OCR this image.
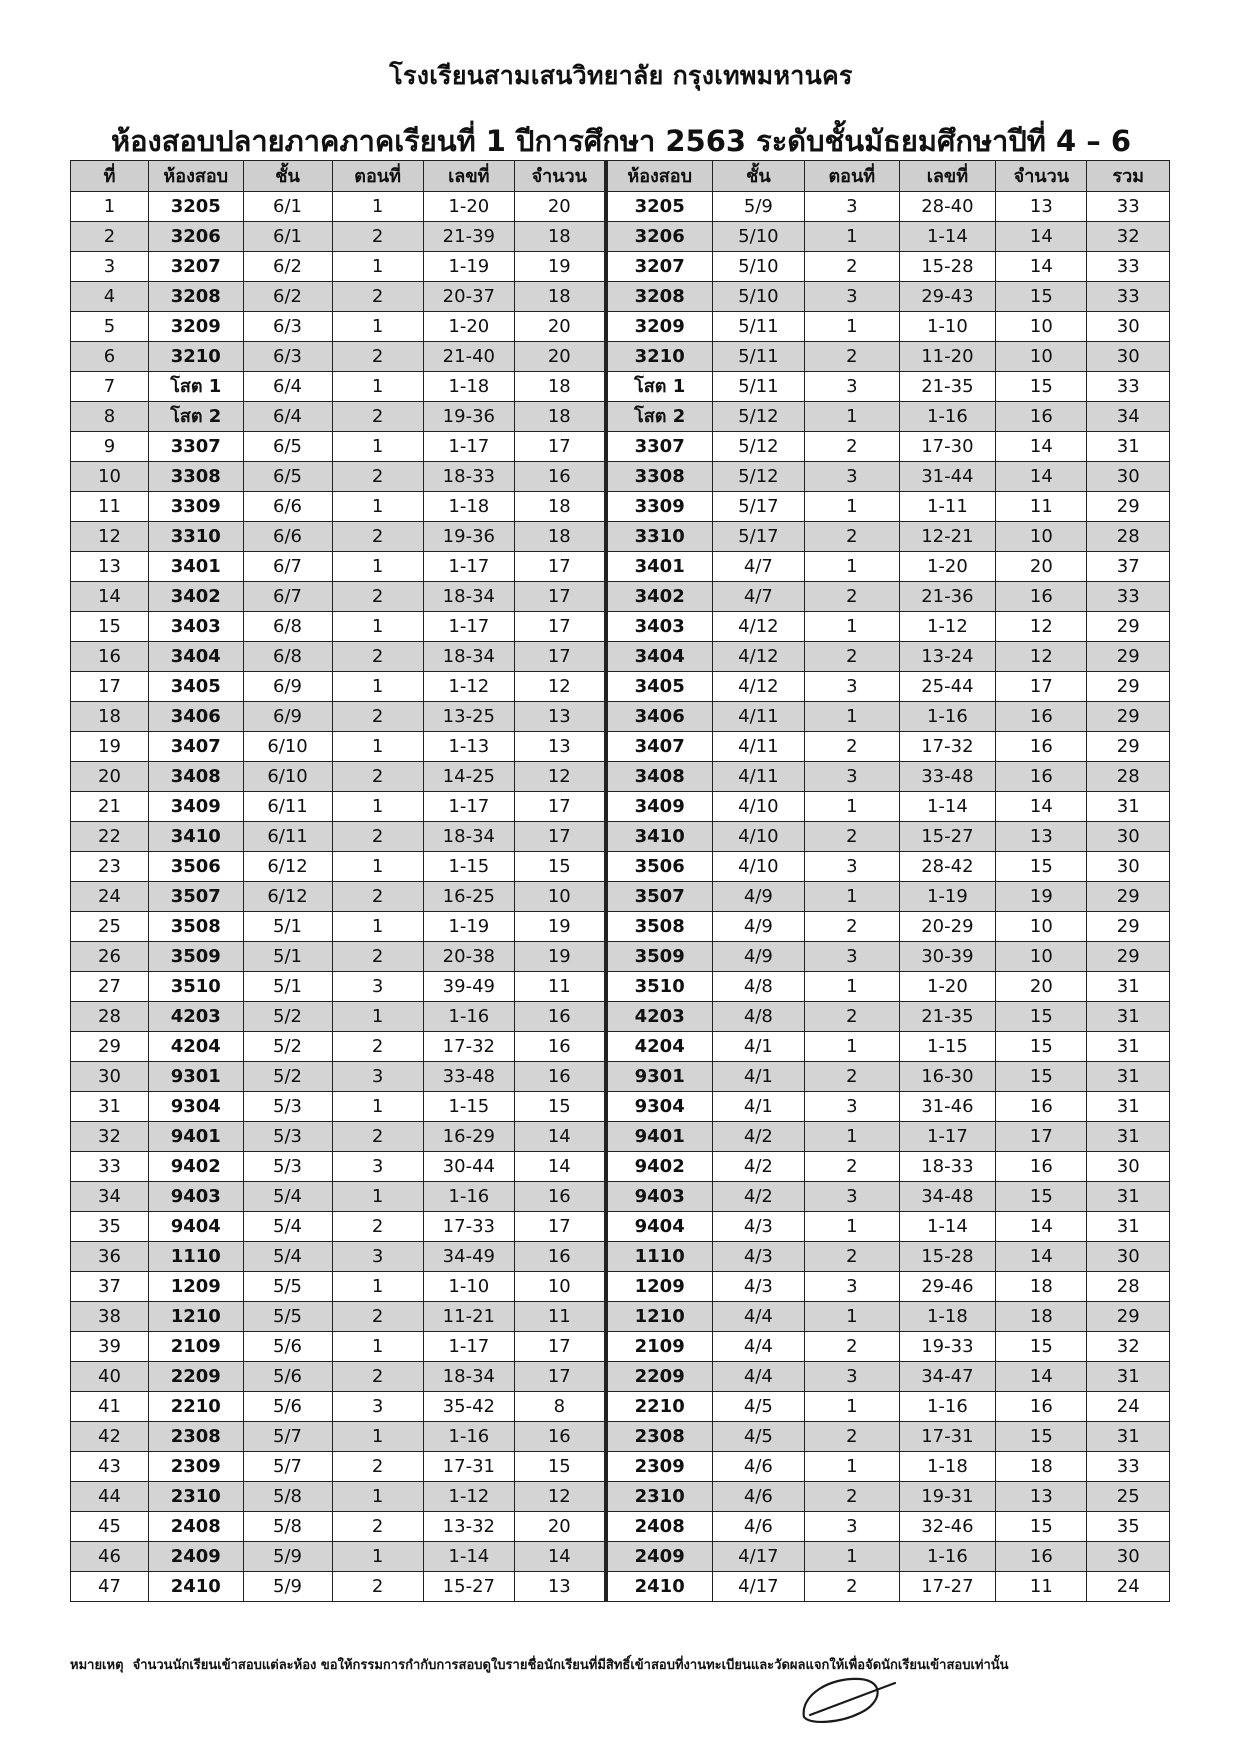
โรงเรียนสามเสนวิทยาลัย กรุงเทพมหานคร
ห้องสอบปลายภาคภาคเรียนที่ 1 ปีการศึกษา 2563 ระดับชั้นมัธยมศึกษาปีที่ 4 – 6
ที่	ห้องสอบ	ชั้น	ตอนที่	เลขที่	จำนวน	ห้องสอบ	ชั้น	ตอนที่	เลขที่	จำนวน	รวม
1	3205	6/1	1	1-20	20	3205	5/9	3	28-40	13	33
2	3206	6/1	2	21-39	18	3206	5/10	1	1-14	14	32
3	3207	6/2	1	1-19	19	3207	5/10	2	15-28	14	33
4	3208	6/2	2	20-37	18	3208	5/10	3	29-43	15	33
5	3209	6/3	1	1-20	20	3209	5/11	1	1-10	10	30
6	3210	6/3	2	21-40	20	3210	5/11	2	11-20	10	30
7	โสต 1	6/4	1	1-18	18	โสต 1	5/11	3	21-35	15	33
8	โสต 2	6/4	2	19-36	18	โสต 2	5/12	1	1-16	16	34
9	3307	6/5	1	1-17	17	3307	5/12	2	17-30	14	31
10	3308	6/5	2	18-33	16	3308	5/12	3	31-44	14	30
11	3309	6/6	1	1-18	18	3309	5/17	1	1-11	11	29
12	3310	6/6	2	19-36	18	3310	5/17	2	12-21	10	28
13	3401	6/7	1	1-17	17	3401	4/7	1	1-20	20	37
14	3402	6/7	2	18-34	17	3402	4/7	2	21-36	16	33
15	3403	6/8	1	1-17	17	3403	4/12	1	1-12	12	29
16	3404	6/8	2	18-34	17	3404	4/12	2	13-24	12	29
17	3405	6/9	1	1-12	12	3405	4/12	3	25-44	17	29
18	3406	6/9	2	13-25	13	3406	4/11	1	1-16	16	29
19	3407	6/10	1	1-13	13	3407	4/11	2	17-32	16	29
20	3408	6/10	2	14-25	12	3408	4/11	3	33-48	16	28
21	3409	6/11	1	1-17	17	3409	4/10	1	1-14	14	31
22	3410	6/11	2	18-34	17	3410	4/10	2	15-27	13	30
23	3506	6/12	1	1-15	15	3506	4/10	3	28-42	15	30
24	3507	6/12	2	16-25	10	3507	4/9	1	1-19	19	29
25	3508	5/1	1	1-19	19	3508	4/9	2	20-29	10	29
26	3509	5/1	2	20-38	19	3509	4/9	3	30-39	10	29
27	3510	5/1	3	39-49	11	3510	4/8	1	1-20	20	31
28	4203	5/2	1	1-16	16	4203	4/8	2	21-35	15	31
29	4204	5/2	2	17-32	16	4204	4/1	1	1-15	15	31
30	9301	5/2	3	33-48	16	9301	4/1	2	16-30	15	31
31	9304	5/3	1	1-15	15	9304	4/1	3	31-46	16	31
32	9401	5/3	2	16-29	14	9401	4/2	1	1-17	17	31
33	9402	5/3	3	30-44	14	9402	4/2	2	18-33	16	30
34	9403	5/4	1	1-16	16	9403	4/2	3	34-48	15	31
35	9404	5/4	2	17-33	17	9404	4/3	1	1-14	14	31
36	1110	5/4	3	34-49	16	1110	4/3	2	15-28	14	30
37	1209	5/5	1	1-10	10	1209	4/3	3	29-46	18	28
38	1210	5/5	2	11-21	11	1210	4/4	1	1-18	18	29
39	2109	5/6	1	1-17	17	2109	4/4	2	19-33	15	32
40	2209	5/6	2	18-34	17	2209	4/4	3	34-47	14	31
41	2210	5/6	3	35-42	8	2210	4/5	1	1-16	16	24
42	2308	5/7	1	1-16	16	2308	4/5	2	17-31	15	31
43	2309	5/7	2	17-31	15	2309	4/6	1	1-18	18	33
44	2310	5/8	1	1-12	12	2310	4/6	2	19-31	13	25
45	2408	5/8	2	13-32	20	2408	4/6	3	32-46	15	35
46	2409	5/9	1	1-14	14	2409	4/17	1	1-16	16	30
47	2410	5/9	2	15-27	13	2410	4/17	2	17-27	11	24
หมายเหตุ จำนวนนักเรียนเข้าสอบแต่ละห้อง ขอให้กรรมการกำกับการสอบดูใบรายชื่อนักเรียนที่มีสิทธิ์เข้าสอบที่งานทะเบียนและวัดผลแจกให้เพื่อจัดนักเรียนเข้าสอบเท่านั้น
